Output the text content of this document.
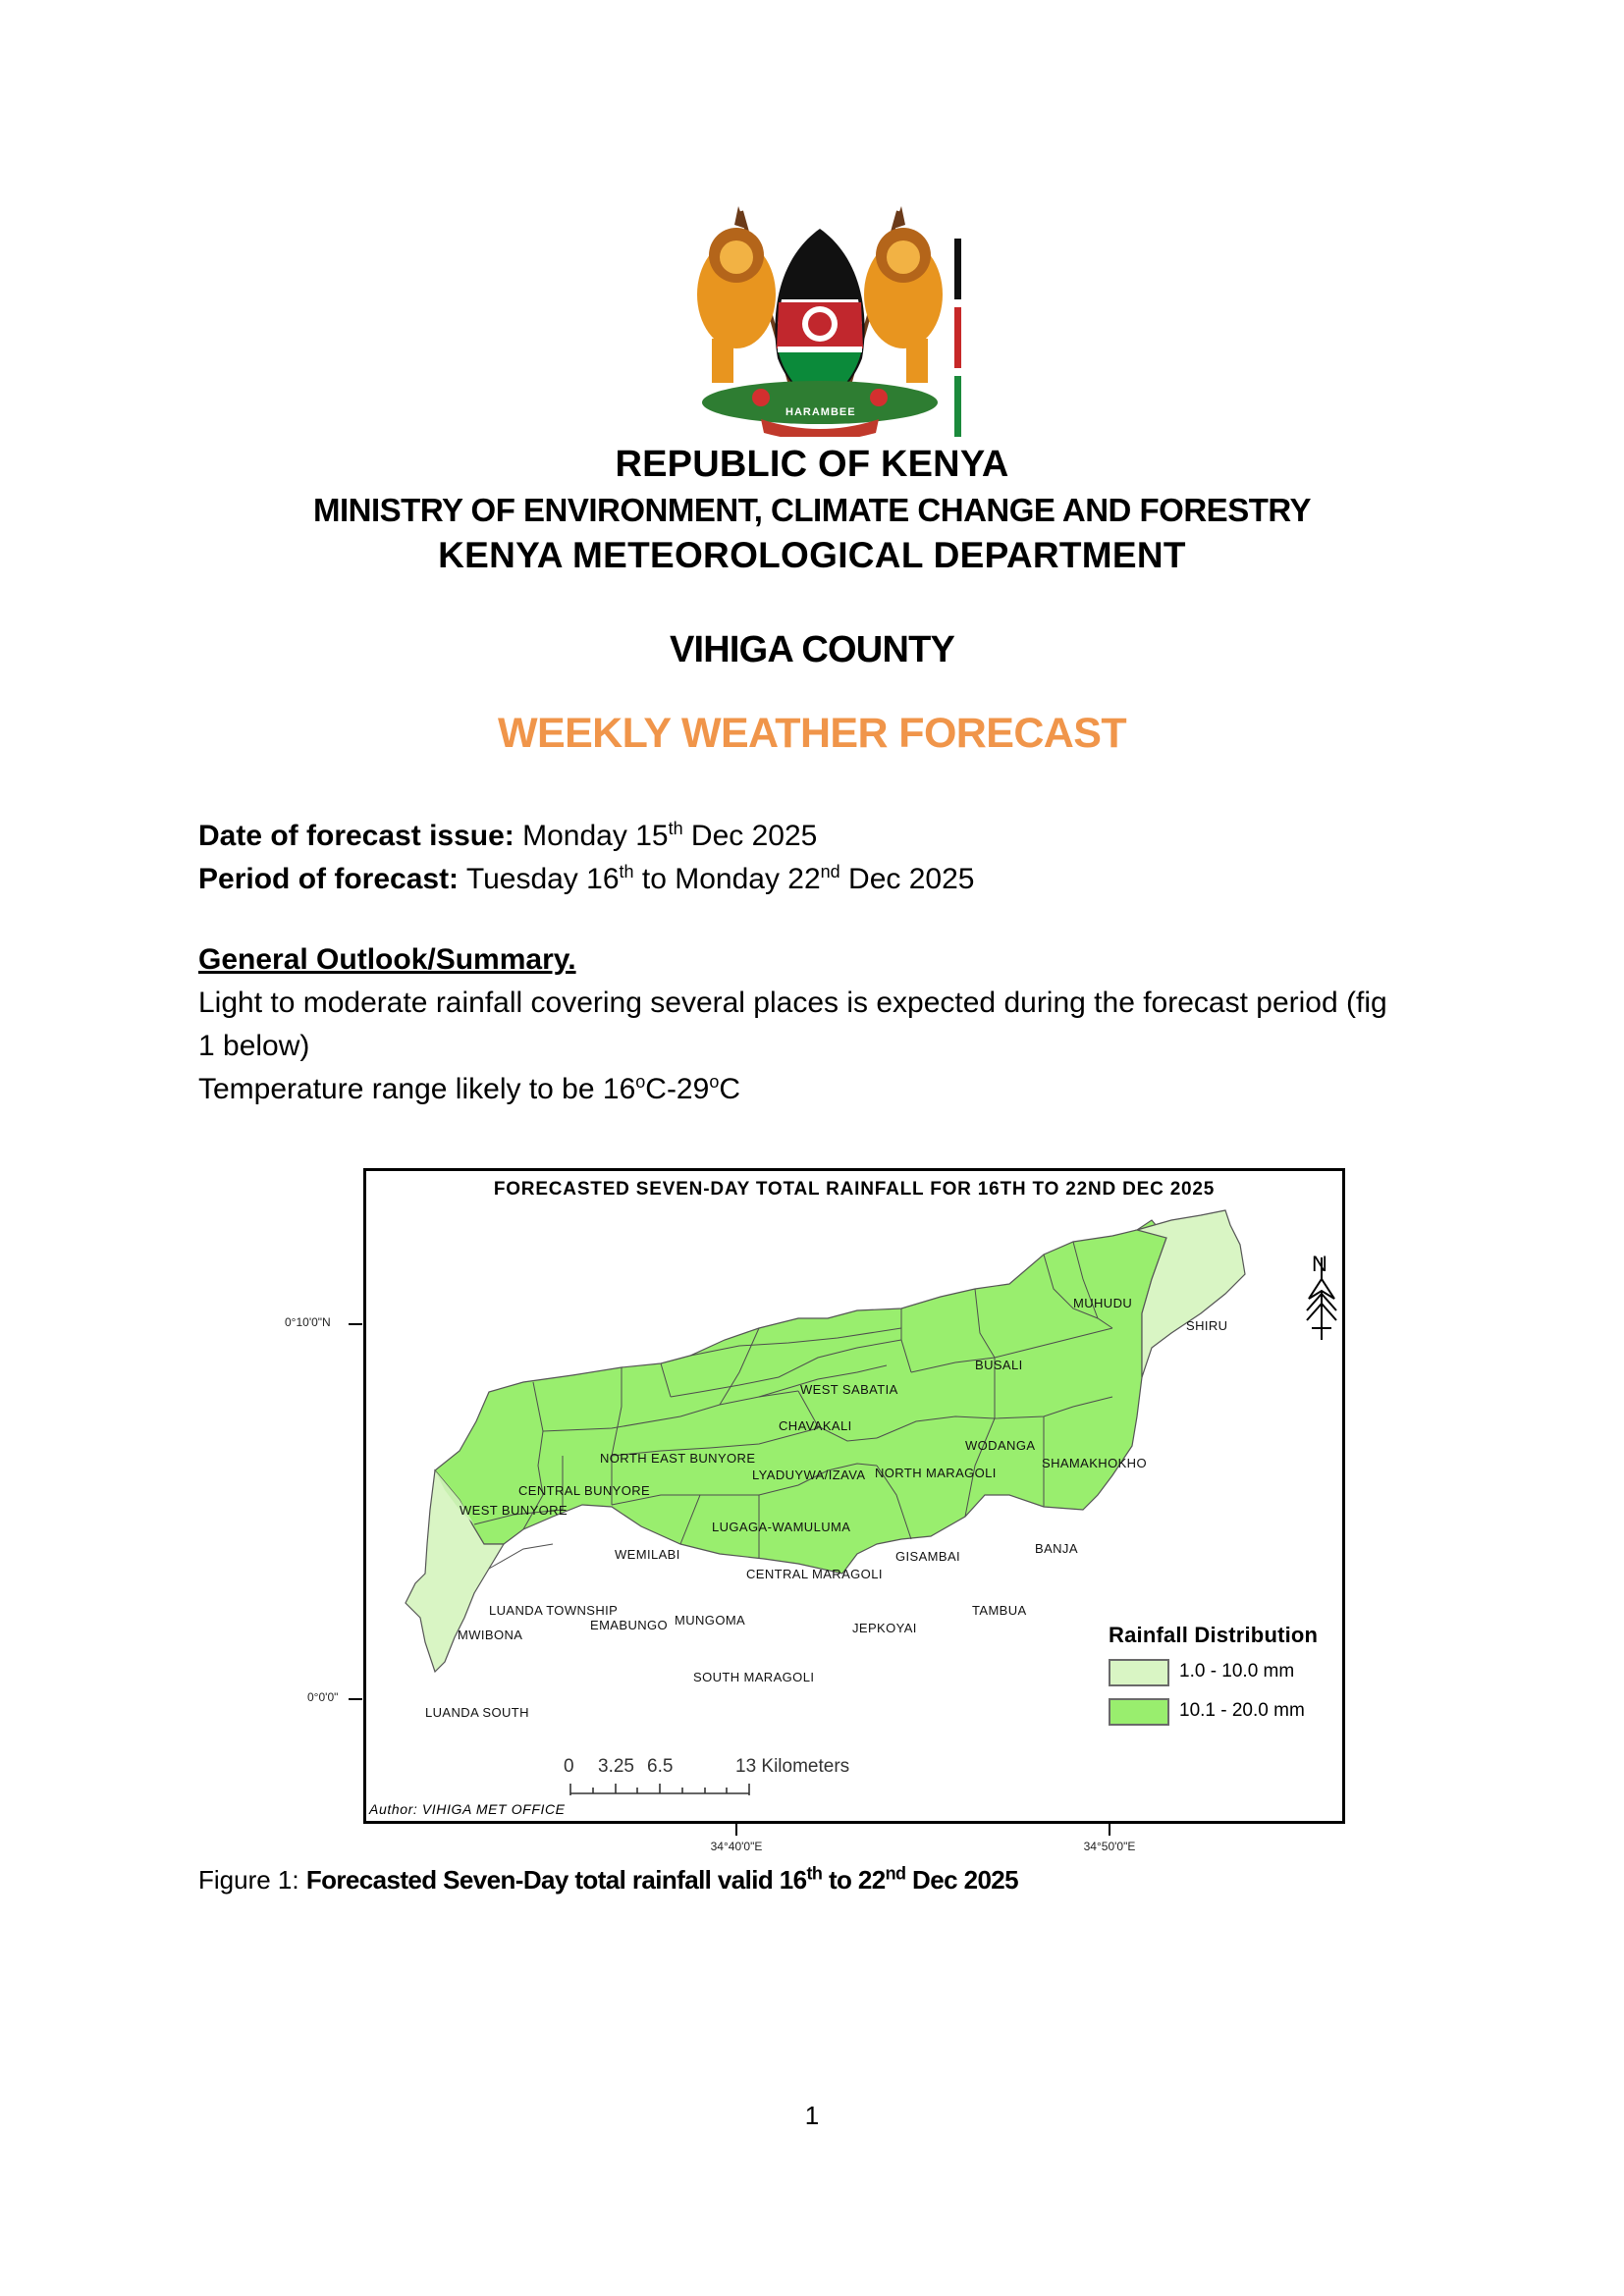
HARAMBEE
REPUBLIC OF KENYA
MINISTRY OF ENVIRONMENT, CLIMATE CHANGE AND FORESTRY
KENYA METEOROLOGICAL DEPARTMENT
VIHIGA COUNTY
WEEKLY WEATHER FORECAST
Date of forecast issue: Monday 15th Dec 2025
Period of forecast: Tuesday 16th to Monday 22nd Dec 2025
General Outlook/Summary.
Light to moderate rainfall covering several places is expected during the forecast period (fig
1 below)
Temperature range likely to be 16$^o$C-29$^o$C
0°10'0"N
0°0'0"
34°40'0"E	34°50'0"E
FORECASTED SEVEN-DAY TOTAL RAINFALL FOR 16TH TO 22ND DEC 2025
N
MUHUDU
SHIRU
BUSALI
WEST SABATIA
CHAVAKALI
NORTH EAST BUNYORE
WODANGA
SHAMAKHOKHO
LYADUYWA/IZAVA NORTH MARAGOLI
CENTRAL BUNYORE
WEST BUNYORE
LUGAGA-WAMULUMA
WEMILABI	GISAMBAI
BANJA
CENTRAL MARAGOLI
LUANDA TOWNSHIP
MWIBONA
EMABUNGO MUNGOMA
JEPKOYAI
TAMBUA
SOUTH MARAGOLI
LUANDA SOUTH
Rainfall Distribution
1.0 - 10.0 mm
10.1 - 20.0 mm
0 3.25 6.5	13 Kilometers
Author: VIHIGA MET OFFICE
Figure 1: Forecasted Seven-Day total rainfall valid 16th to 22nd Dec 2025
1
